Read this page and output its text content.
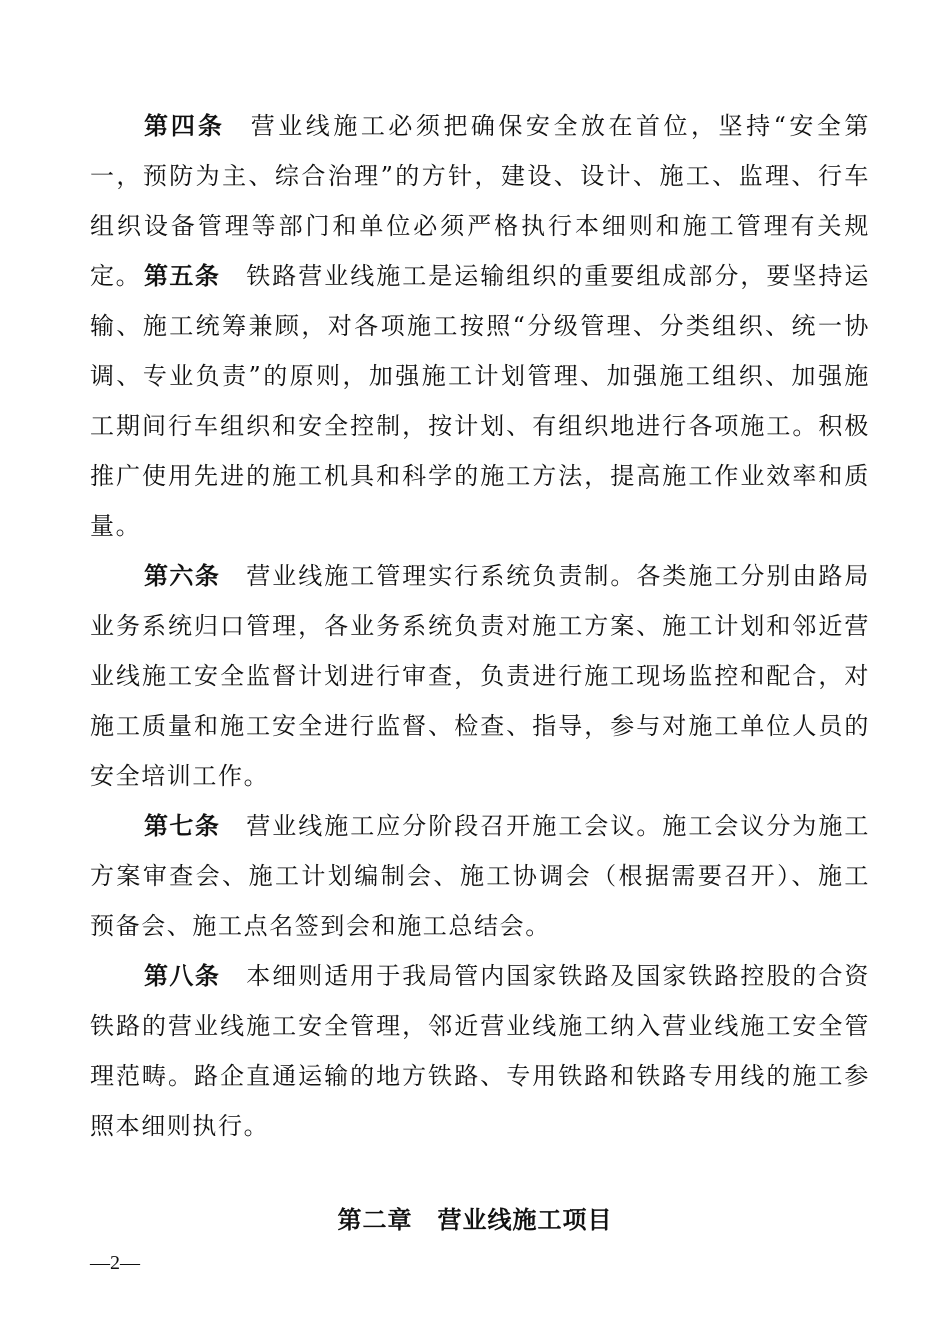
第四条 营业线施工必须把确保安全放在首位，坚持“安全第一，预防为主、综合治理”的方针，建设、设计、施工、监理、行车组织设备管理等部门和单位必须严格执行本细则和施工管理有关规定。 第五条 铁路营业线施工是运输组织的重要组成部分，要坚持运输、施工统筹兼顾，对各项施工按照“分级管理、分类组织、统一协调、专业负责”的原则，加强施工计划管理、加强施工组织、加强施工期间行车组织和安全控制，按计划、有组织地进行各项施工。积极推广使用先进的施工机具和科学的施工方法，提高施工作业效率和质量。

第六条 营业线施工管理实行系统负责制。各类施工分别由路局业务系统归口管理，各业务系统负责对施工方案、施工计划和邻近营业线施工安全监督计划进行审查，负责进行施工现场监控和配合，对施工质量和施工安全进行监督、检查、指导，参与对施工单位人员的安全培训工作。

第七条 营业线施工应分阶段召开施工会议。施工会议分为施工方案审查会、施工计划编制会、施工协调会（根据需要召开）、施工预备会、施工点名签到会和施工总结会。

第八条 本细则适用于我局管内国家铁路及国家铁路控股的合资铁路的营业线施工安全管理，邻近营业线施工纳入营业线施工安全管理范畴。路企直通运输的地方铁路、专用铁路和铁路专用线的施工参照本细则执行。

第二章　营业线施工项目
—2—
